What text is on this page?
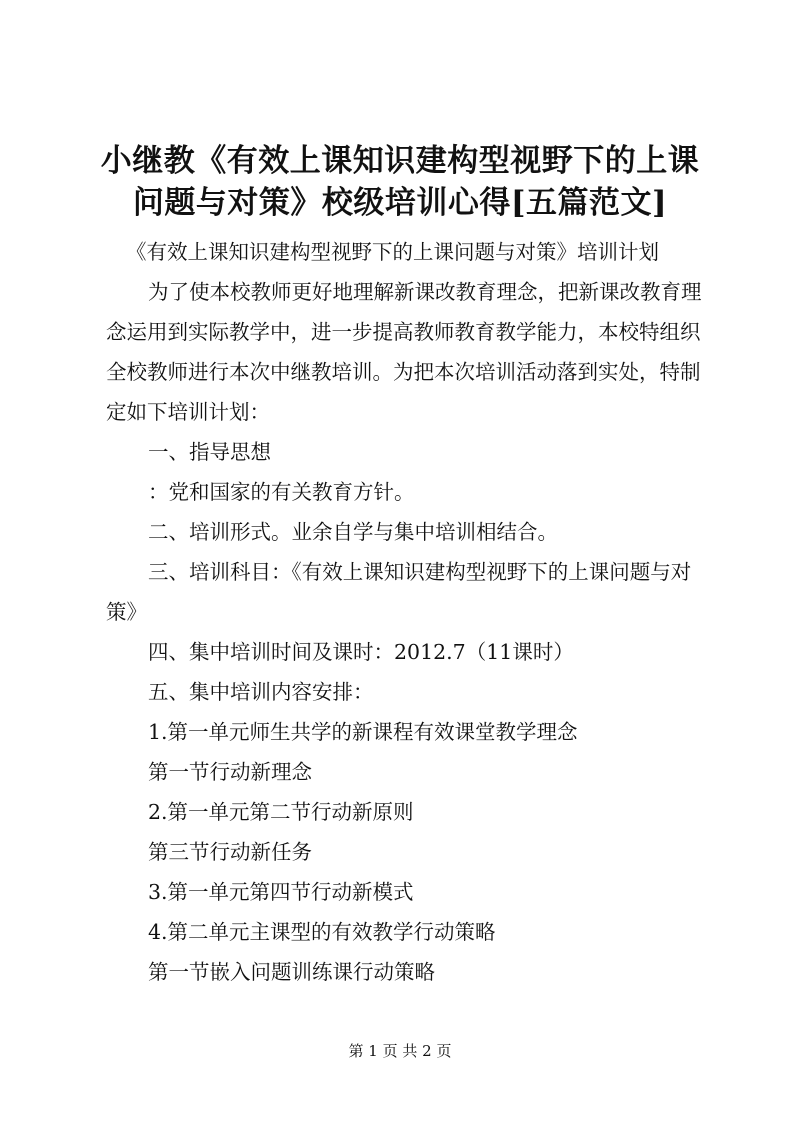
小继教《有效上课知识建构型视野下的上课问题与对策》校级培训心得[五篇范文]

《有效上课知识建构型视野下的上课问题与对策》培训计划

为了使本校教师更好地理解新课改教育理念，把新课改教育理念运用到实际教学中，进一步提高教师教育教学能力，本校特组织全校教师进行本次中继教培训。为把本次培训活动落到实处，特制定如下培训计划：

一、指导思想

：党和国家的有关教育方针。

二、培训形式。业余自学与集中培训相结合。

三、培训科目：《有效上课知识建构型视野下的上课问题与对策》

四、集中培训时间及课时：2012.7（11课时）

五、集中培训内容安排：

1.第一单元师生共学的新课程有效课堂教学理念

第一节行动新理念

2.第一单元第二节行动新原则

第三节行动新任务

3.第一单元第四节行动新模式

4.第二单元主课型的有效教学行动策略

第一节嵌入问题训练课行动策略

第 1 页 共 2 页
